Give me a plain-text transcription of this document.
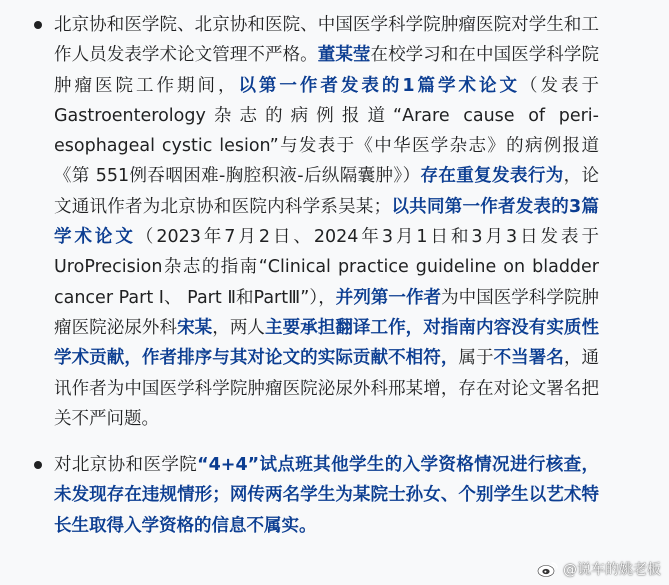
北京协和医学院、北京协和医院、中国医学科学院肿瘤医院对学生和工作人员发表学术论文管理不严格。董某莹在校学习和在中国医学科学院肿瘤医院工作期间，以第一作者发表的1篇学术论文（发表于Gastroenterology杂志的病例报道“Arare cause of peri- esophageal cystic lesion”与发表于《中华医学杂志》的病例报道《第 551例吞咽困难-胸腔积液-后纵隔囊肿》）存在重复发表行为，论文通讯作者为北京协和医院内科学系吴某；以共同第一作者发表的3篇学术论文（2023年7月2日、2024年3月1日和3月3日发表于UroPrecision杂志的指南“Clinical practice guideline on bladder cancer Part Ⅰ、 Part Ⅱ和PartⅢ”），并列第一作者为中国医学科学院肿瘤医院泌尿外科宋某，两人主要承担翻译工作，对指南内容没有实质性学术贡献，作者排序与其对论文的实际贡献不相符，属于不当署名，通讯作者为中国医学科学院肿瘤医院泌尿外科邢某增，存在对论文署名把关不严问题。

对北京协和医学院“4+4”试点班其他学生的入学资格情况进行核查，未发现存在违规情形；网传两名学生为某院士孙女、个别学生以艺术特长生取得入学资格的信息不属实。

@说车的姚老板
